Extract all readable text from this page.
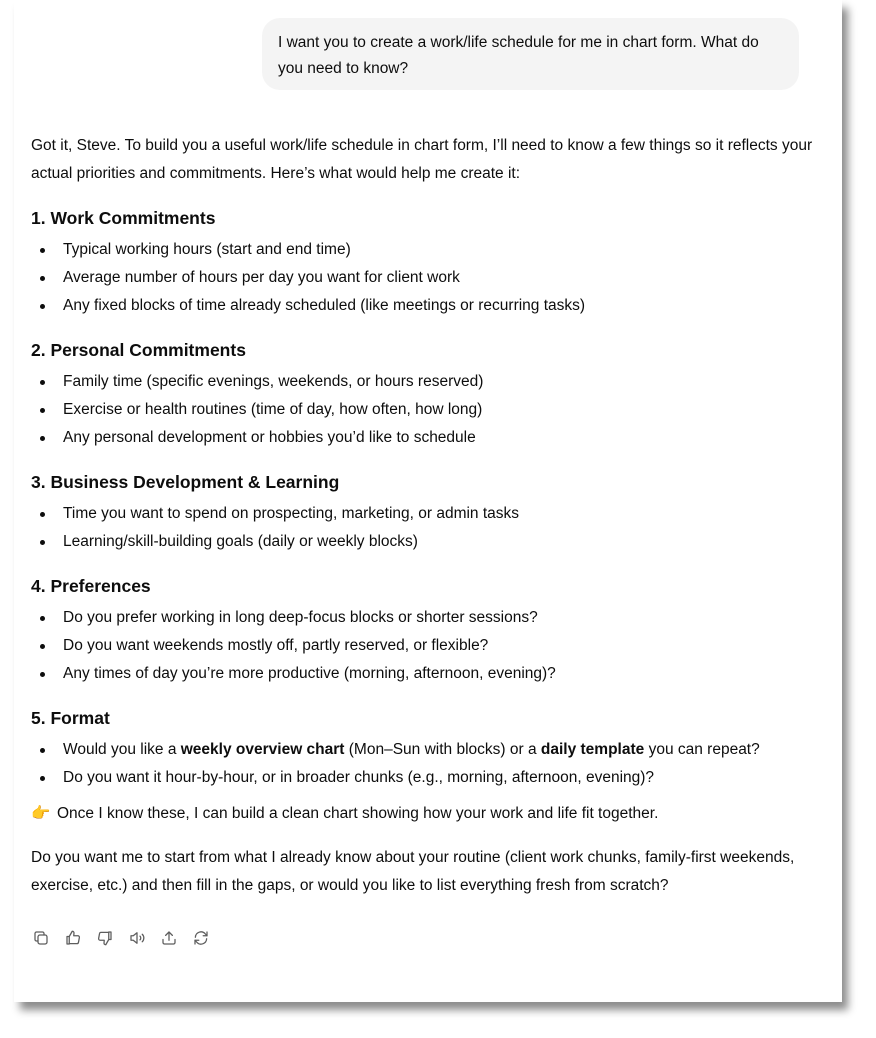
I want you to create a work/life schedule for me in chart form. What do you need to know?

Got it, Steve. To build you a useful work/life schedule in chart form, I’ll need to know a few things so it reflects your actual priorities and commitments. Here’s what would help me create it:

1. Work Commitments
Typical working hours (start and end time)
Average number of hours per day you want for client work
Any fixed blocks of time already scheduled (like meetings or recurring tasks)
2. Personal Commitments
Family time (specific evenings, weekends, or hours reserved)
Exercise or health routines (time of day, how often, how long)
Any personal development or hobbies you’d like to schedule
3. Business Development & Learning
Time you want to spend on prospecting, marketing, or admin tasks
Learning/skill-building goals (daily or weekly blocks)
4. Preferences
Do you prefer working in long deep-focus blocks or shorter sessions?
Do you want weekends mostly off, partly reserved, or flexible?
Any times of day you’re more productive (morning, afternoon, evening)?
5. Format
Would you like a weekly overview chart (Mon–Sun with blocks) or a daily template you can repeat?
Do you want it hour-by-hour, or in broader chunks (e.g., morning, afternoon, evening)?

👉 Once I know these, I can build a clean chart showing how your work and life fit together.

Do you want me to start from what I already know about your routine (client work chunks, family-first weekends, exercise, etc.) and then fill in the gaps, or would you like to list everything fresh from scratch?
